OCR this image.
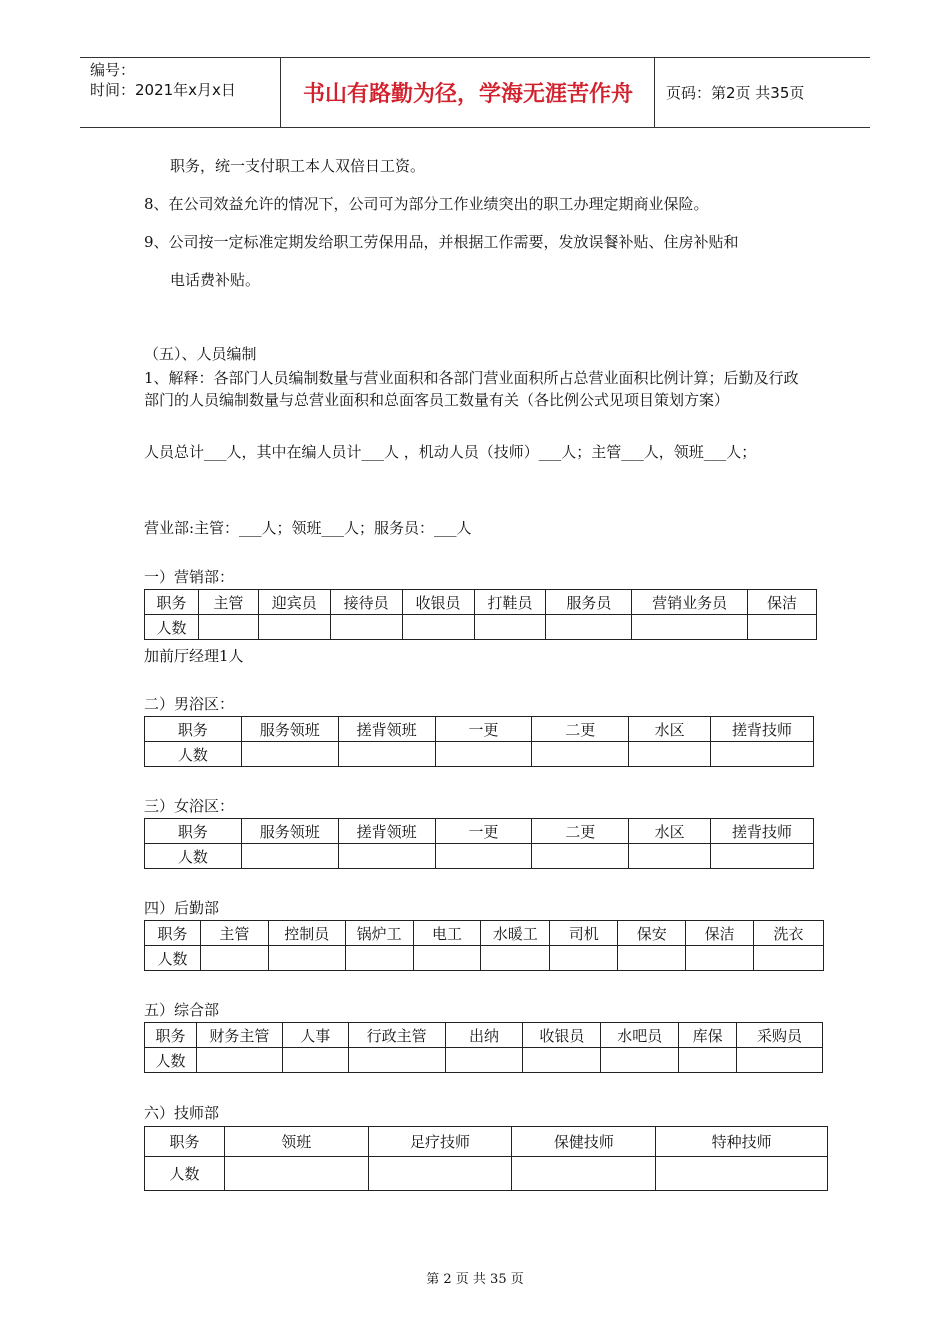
编号：
时间：2021年x月x日	书山有路勤为径，学海无涯苦作舟	页码：第2页 共35页
职务，统一支付职工本人双倍日工资。
8、在公司效益允许的情况下，公司可为部分工作业绩突出的职工办理定期商业保险。
9、公司按一定标准定期发给职工劳保用品，并根据工作需要，发放误餐补贴、住房补贴和
电话费补贴。
（五）、人员编制
1、解释：各部门人员编制数量与营业面积和各部门营业面积所占总营业面积比例计算；后勤及行政部门的人员编制数量与总营业面积和总面客员工数量有关（各比例公式见项目策划方案）
人员总计___人，其中在编人员计___人 ，机动人员（技师）___人；主管___人，领班___人；
营业部:主管：___人；领班___人；服务员：___人
一）营销部：
职务	主管	迎宾员	接待员	收银员	打鞋员	服务员	营销业务员	保洁
人数								
加前厅经理1人
二）男浴区：
职务	服务领班	搓背领班	一更	二更	水区	搓背技师
人数						
三）女浴区：
职务	服务领班	搓背领班	一更	二更	水区	搓背技师
人数						
四）后勤部
职务	主管	控制员	锅炉工	电工	水暖工	司机	保安	保洁	洗衣
人数									
五）综合部
职务	财务主管	人事	行政主管	出纳	收银员	水吧员	库保	采购员
人数								
六）技师部
职务	领班	足疗技师	保健技师	特种技师
人数				
第 2 页 共 35 页
